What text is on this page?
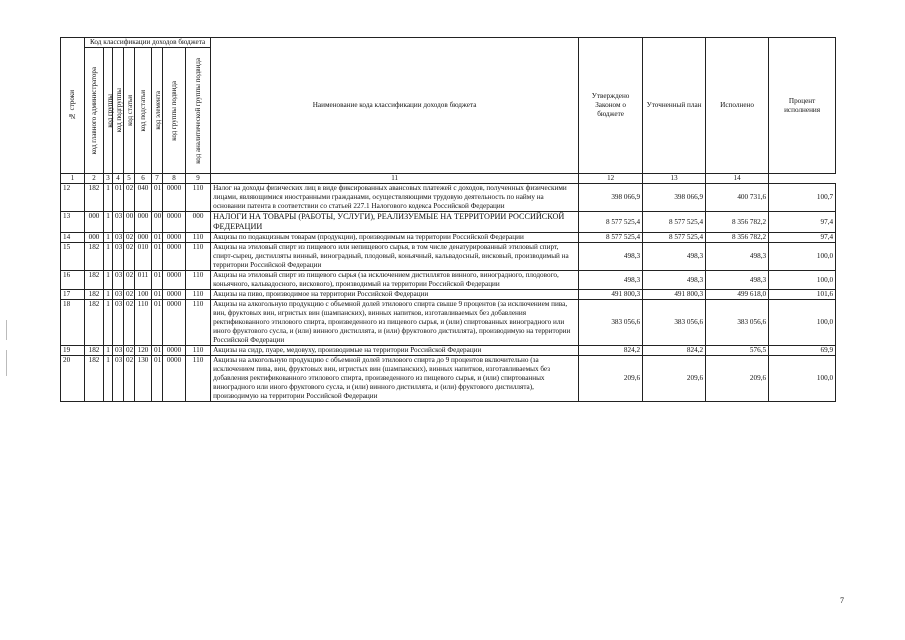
№ строки	Код классификации доходов бюджета								Наименование кода классификации доходов бюджета	Утверждено Законом о бюджете	Уточненный план	Исполнено	Процент исполнения

	код главного администратора	код группы	код подгруппы	код статьи	код подстатьи	код элемента	код группы подвида	код аналитической группы подвида					

1	2	3	4	5	6	7	8	9	11	12	13	14	
12	182	1	01	02	040	01	0000	110	Налог на доходы физических лиц в виде фиксированных авансовых платежей с доходов, полученных физическими лицами, являющимися иностранными гражданами, осуществляющими трудовую деятельность по найму на основании патента в соответствии со статьей 227.1 Налогового кодекса Российской Федерации	398 066,9	398 066,9	400 731,6	100,7
13	000	1	03	00	000	00	0000	000	НАЛОГИ НА ТОВАРЫ (РАБОТЫ, УСЛУГИ), РЕАЛИЗУЕМЫЕ НА ТЕРРИТОРИИ РОССИЙСКОЙ ФЕДЕРАЦИИ	8 577 525,4	8 577 525,4	8 356 782,2	97,4
14	000	1	03	02	000	01	0000	110	Акцизы по подакцизным товарам (продукции), производимым на территории Российской Федерации	8 577 525,4	8 577 525,4	8 356 782,2	97,4
15	182	1	03	02	010	01	0000	110	Акцизы на этиловый спирт из пищевого или непищевого сырья, в том числе денатурированный этиловый спирт, спирт-сырец, дистилляты винный, виноградный, плодовый, коньячный, кальвадосный, висковый, производимый на территории Российской Федерации	498,3	498,3	498,3	100,0
16	182	1	03	02	011	01	0000	110	Акцизы на этиловый спирт из пищевого сырья (за исключением дистиллятов винного, виноградного, плодового, коньячного, кальвадосного, вискового), производимый на территории Российской Федерации	498,3	498,3	498,3	100,0
17	182	1	03	02	100	01	0000	110	Акцизы на пиво, производимое на территории Российской Федерации	491 800,3	491 800,3	499 618,0	101,6
18	182	1	03	02	110	01	0000	110	Акцизы на алкогольную продукцию с объемной долей этилового спирта свыше 9 процентов (за исключением пива, вин, фруктовых вин, игристых вин (шампанских), винных напитков, изготавливаемых без добавления ректификованного этилового спирта, произведенного из пищевого сырья, и (или) спиртованных виноградного или иного фруктового сусла, и (или) винного дистиллята, и (или) фруктового дистиллята), производимую на территории Российской Федерации	383 056,6	383 056,6	383 056,6	100,0
19	182	1	03	02	120	01	0000	110	Акцизы на сидр, пуаре, медовуху, производимые на территории Российской Федерации	824,2	824,2	576,5	69,9
20	182	1	03	02	130	01	0000	110	Акцизы на алкогольную продукцию с объемной долей этилового спирта до 9 процентов включительно (за исключением пива, вин, фруктовых вин, игристых вин (шампанских), винных напитков, изготавливаемых без добавления ректификованного этилового спирта, произведенного из пищевого сырья, и (или) спиртованных виноградного или иного фруктового сусла, и (или) винного дистиллята, и (или) фруктового дистиллята), производимую на территории Российской Федерации	209,6	209,6	209,6	100,0
7
